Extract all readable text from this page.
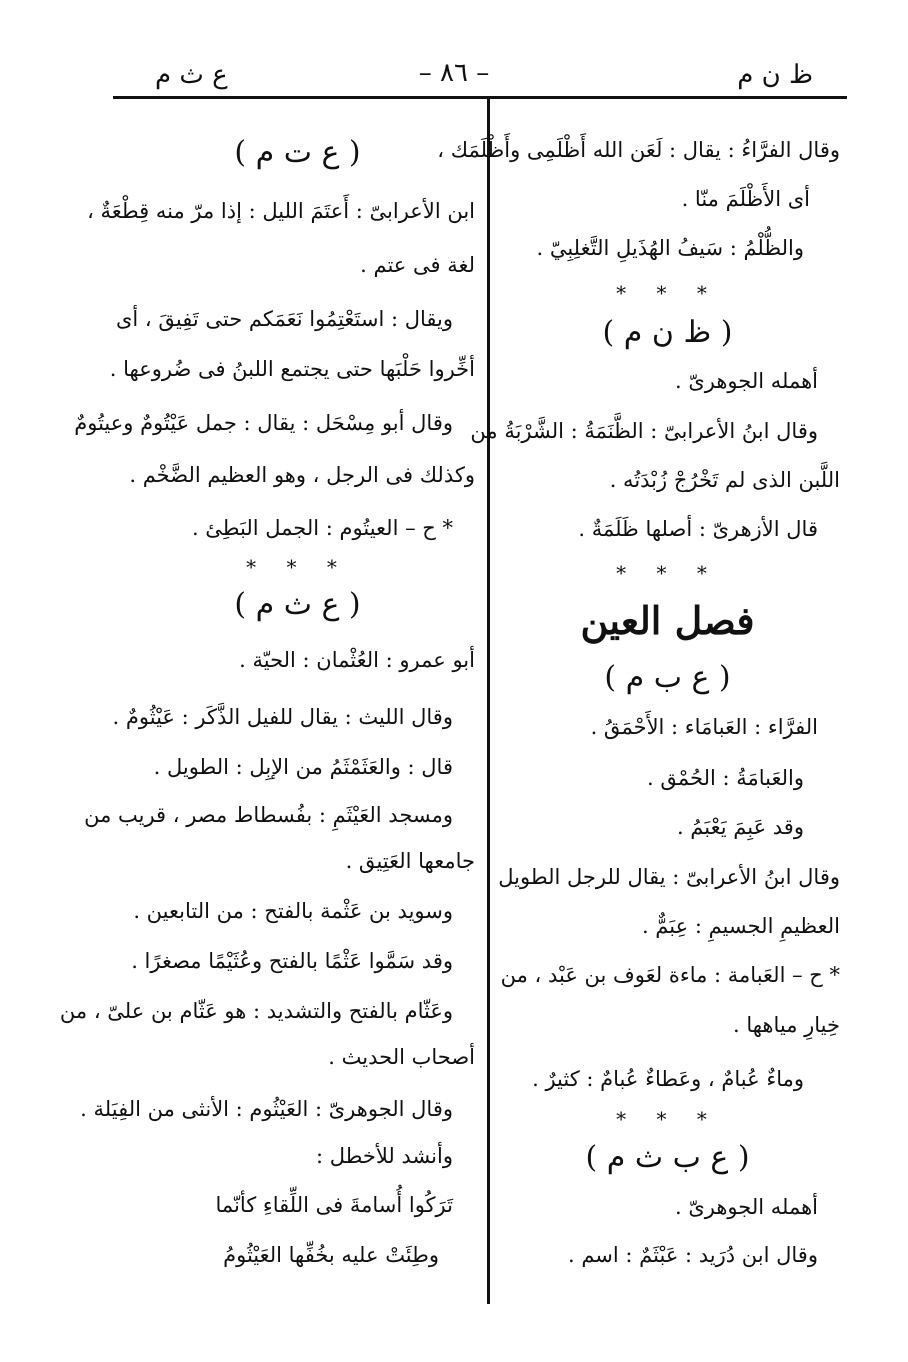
ظ ن م
– ٨٦ –
ع ث م
وقال الفرَّاءُ : يقال : لَعَن الله أَظْلَمِى وأَظْلَمَك ،
أى الأَظْلَمَ منّا .
والظُّلْمُ : سَيفُ الهُذَيلِ التَّغلِبِيّ .
* * *
( ظ ن م )
أهمله الجوهرىّ .
وقال ابنُ الأعرابىّ : الظَّنَمَةُ : الشَّرْبَةُ من
اللَّبن الذى لم تَخْرُجْ زُبْدَتُه .
قال الأزهرىّ : أصلها ظَلَمَةٌ .
* * *
فصل العين
( ع ب م )
الفرَّاء : العَبامَاء : الأَحْمَقُ .
والعَبامَةُ : الحُمْق .
وقد عَبِمَ يَعْبَمُ .
وقال ابنُ الأعرابىّ : يقال للرجل الطويل
العظيمِ الجسيمِ : عِبَمٌّ .
* ح – العَبامة : ماءة لعَوف بن عَبْد ، من
خِيارِ مياهها .
وماءٌ عُبامٌ ، وعَطاءٌ عُبامٌ : كثيرٌ .
* * *
( ع ب ث م )
أهمله الجوهرىّ .
وقال ابن دُرَيد : عَبْثَمٌ : اسم .
( ع ت م )
ابن الأعرابىّ : أَعتَمَ الليل : إذا مرّ منه قِطْعَةٌ ،
لغة فى عتم .
ويقال : استَعْتِمُوا نَعَمَكم حتى تَفِيقَ ، أى
أخِّروا حَلْبَها حتى يجتمع اللبنُ فى ضُروعها .
وقال أبو مِسْحَل : يقال : جمل عَيْتُومٌ وعيتُومٌ
وكذلك فى الرجل ، وهو العظيم الضَّخْم .
* ح – العيتُوم : الجمل البَطِئ .
* * *
( ع ث م )
أبو عمرو : العُثْمان : الحيّة .
وقال الليث : يقال للفيل الذَّكَر : عَيْثُومٌ .
قال : والعَثَمْثَمُ من الإبِل : الطويل .
ومسجد العَيْثَمِ : بفُسطاط مصر ، قريب من
جامعها العَتِيق .
وسويد بن عَثْمة بالفتح : من التابعين .
وقد سَمَّوا عَثْمًا بالفتح وعُثَيْمًا مصغرًا .
وعَثّام بالفتح والتشديد : هو عَثّام بن علىّ ، من
أصحاب الحديث .
وقال الجوهرىّ : العَيْثُوم : الأنثى من الفِيَلة .
وأنشد للأخطل :
تَرَكُوا أُسامةَ فى اللِّقاءِ كأنّما
وطِئَتْ عليه بخُفِّها العَيْثُومُ
